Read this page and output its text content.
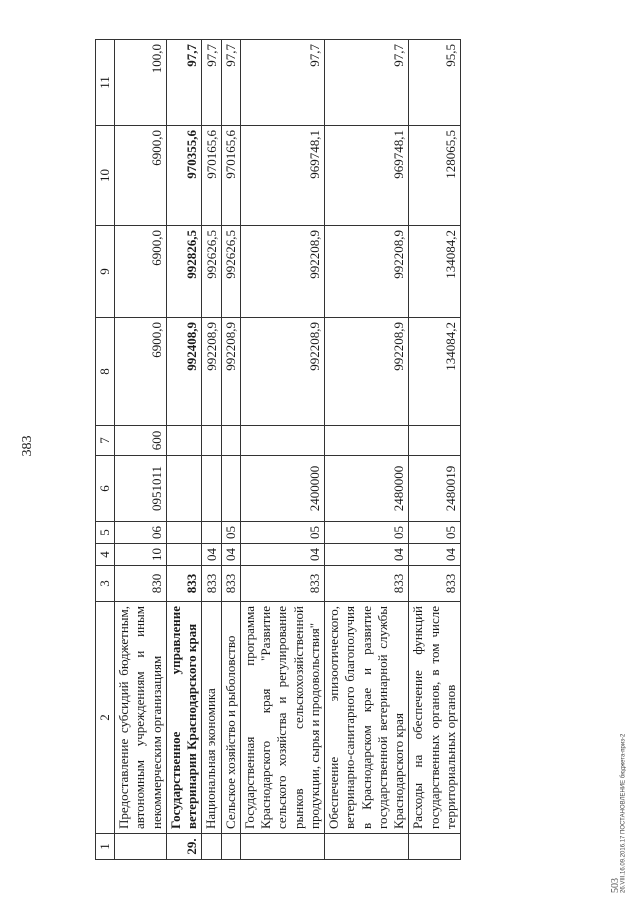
383
1	2	3	4	5	6	7	8	9	10	11
	Предоставление субсидий бюджетным, автономным учреждениям и иным некоммерческим организациям	830	10	06	0951011	600	6900,0	6900,0	6900,0	100,0
29.	Государственное управление ветеринарии Краснодарского края	833					992408,9	992826,5	970355,6	97,7
	Национальная экономика	833	04				992208,9	992626,5	970165,6	97,7
	Сельское хозяйство и рыболовство	833	04	05			992208,9	992626,5	970165,6	97,7
	Государственная программа Краснодарского края "Развитие сельского хозяйства и регулирование рынков сельскохозяйственной продукции, сырья и продовольствия"	833	04	05	2400000		992208,9	992208,9	969748,1	97,7
	Обеспечение эпизоотического, ветеринарно-санитарного благополучия в Краснодарском крае и развитие государственной ветеринарной службы Краснодарского края	833	04	05	2480000		992208,9	992208,9	969748,1	97,7
	Расходы на обеспечение функций государственных органов, в том числе территориальных органов	833	04	05	2480019		134084,2	134084,2	128065,5	95,5
26.VIII.16.09.2016.17 ПОСТАНОВЛЕНИЕ бюджета-приз-2
503
